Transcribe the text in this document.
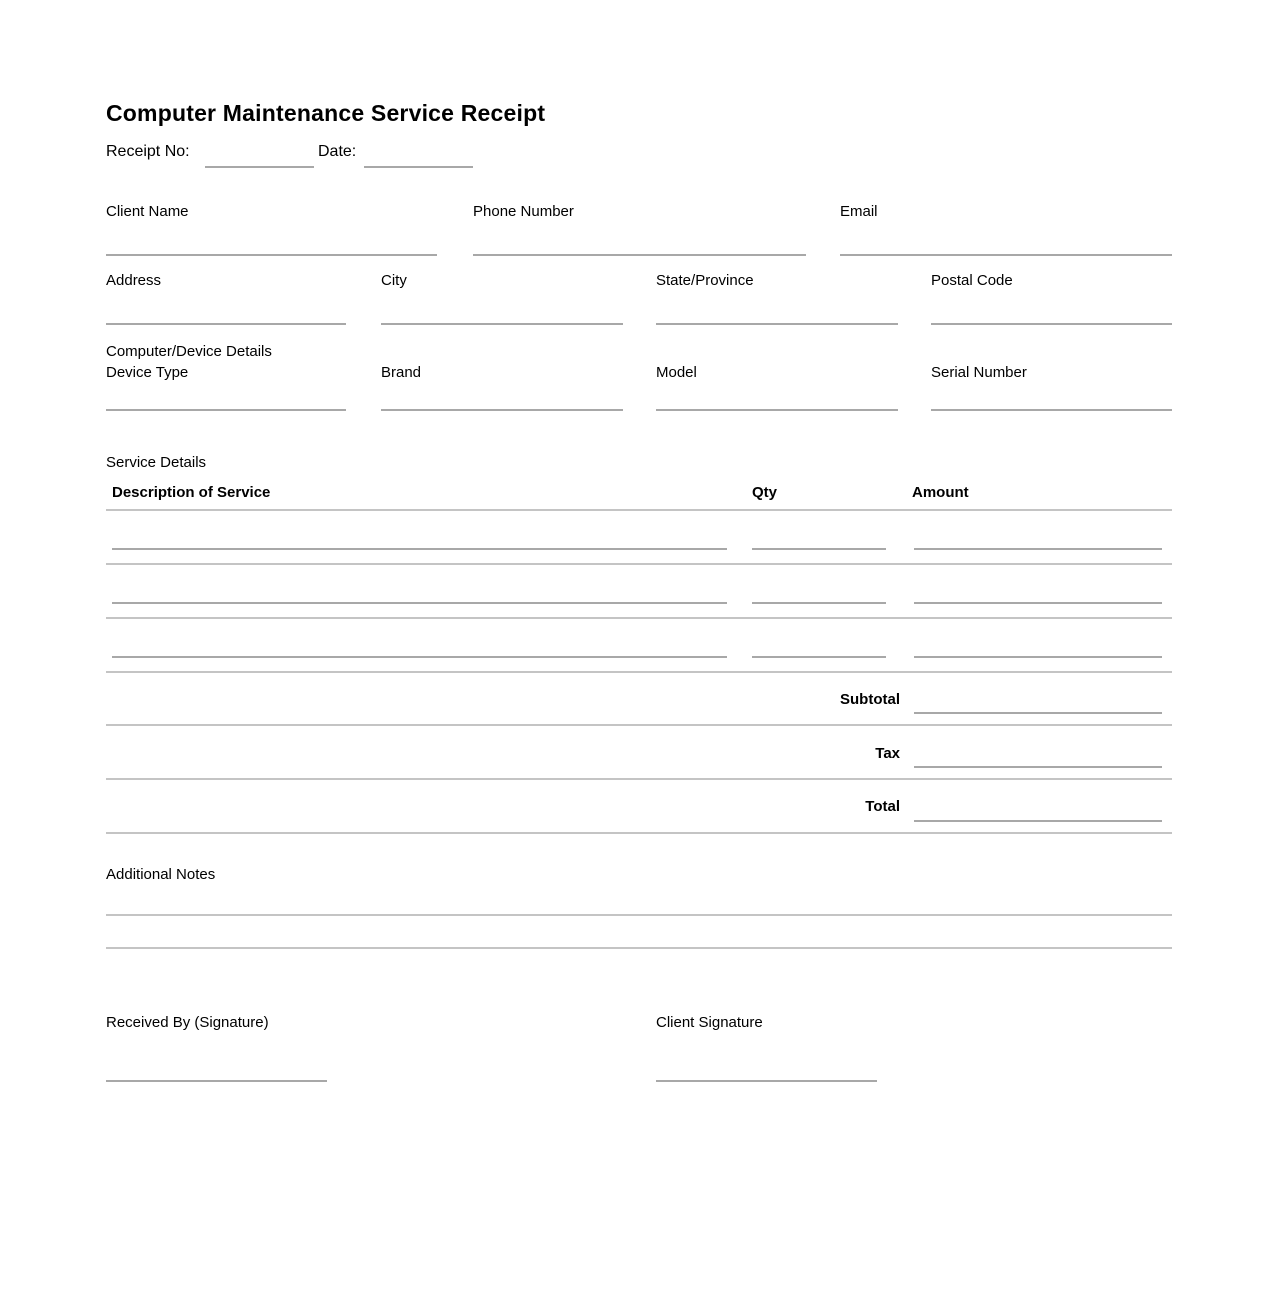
Computer Maintenance Service Receipt
Receipt No:	Date:
Client Name	Phone Number	Email
Address	City	State/Province	Postal Code
Computer/Device Details
Device Type	Brand	Model	Serial Number
Service Details
Description of Service	Qty	Amount
Subtotal
Tax
Total
Additional Notes
Received By (Signature)	Client Signature
